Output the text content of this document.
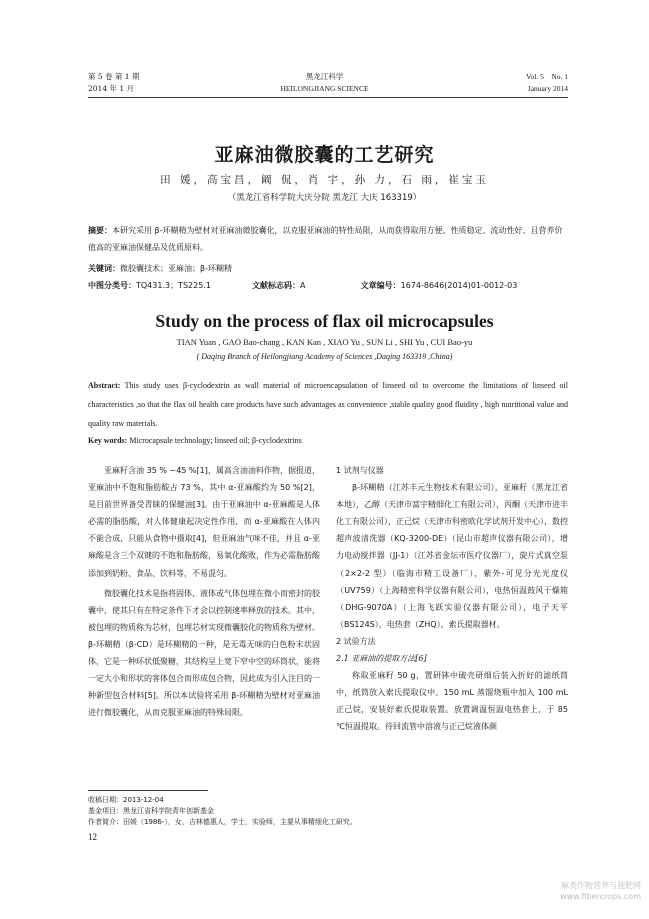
第 5 卷 第 1 期
2014 年 1 月
黑龙江科学
HEILONGJIANG SCIENCE
Vol. 5    No. 1
January 2014
亚麻油微胶囊的工艺研究
田 媛，高宝昌，阚 侃，肖 宇，孙 力，石 雨，崔宝玉
（黑龙江省科学院大庆分院 黑龙江 大庆 163319）
摘要：本研究采用 β-环糊精为壁材对亚麻油微胶囊化，以克服亚麻油的特性局限，从而获得取用方便、性质稳定、流动性好、且营养价值高的亚麻油保健品及优质原料。
关键词：微胶囊技术；亚麻油；β-环糊精
中图分类号：TQ431.3；TS225.1	文献标志码：A	文章编号：1674-8646(2014)01-0012-03
Study on the process of flax oil microcapsules
TIAN Yuan , GAO Bao-chang , KAN Kan , XIAO Yu , SUN Li , SHI Yu , CUI Bao-yu
( Daqing Branch of Heilongjiang Academy of Sciences ,Daqing 163319 ,China)
Abstract: This study uses β-cyclodextrin as wall material of microencapsulation of linseed oil to overcome the limitations of linseed oil characteristics ,so that the flax oil health care products have such advantages as convenience ,stable quality good fluidity , high nutritional value and quality raw materials.
Key words: Microcapsule technology; linseed oil; β-cyclodextrins

亚麻籽含油 35 % ~45 %[1]，属高含油油料作物，据报道，亚麻油中不饱和脂肪酸占 73 %，其中 α-亚麻酸约为 50 %[2]，是目前世界备受青睐的保健油[3]。由于亚麻油中 α-亚麻酸是人体必需的脂肪酸，对人体健康起决定性作用，而 α-亚麻酸在人体内不能合成，只能从食物中摄取[4]，但亚麻油气味不佳，并且 α-亚麻酸是含三个双键的不饱和脂肪酸，易氧化酸败，作为必需脂肪酸添加到奶粉、食品、饮料等，不易混匀。

微胶囊化技术是指将固体、液体或气体包埋在微小而密封的胶囊中，使其只有在特定条件下才会以控制速率释放的技术。其中，被包埋的物质称为芯材，包埋芯材实现微囊胶化的物质称为壁材。β-环糊精（β-CD）是环糊精的一种，是无毒无味的白色粉末状固体，它是一种环状低聚糖，其结构呈上宽下窄中空的环筒状，能将一定大小和形状的客体包合而形成包合物，因此成为引入注目的一种新型包合材料[5]。所以本试验将采用 β-环糊精为壁材对亚麻油进行微胶囊化，从而克服亚麻油的特殊局限。

1 试剂与仪器

β-环糊精（江苏丰元生物技术有限公司），亚麻籽（黑龙江省本地），乙醇（天津市富宇精细化工有限公司），丙酮（天津市进丰化工有限公司），正己烷（天津市科密欧化学试剂开发中心），数控超声波清洗器（KQ-3200-DE）（昆山市超声仪器有限公司），增力电动搅拌器（JJ-1）（江苏省金坛市医疗仪器厂），旋片式真空泵（2×2-2 型）（临海市精工设备厂），紫外-可见分光光度仪（UV759）（上海精密科学仪器有限公司），电热恒温鼓风干燥箱（DHG-9070A）（上海飞跃实验仪器有限公司），电子天平（BS124S），电热套（ZHQ），索氏提取器材。

2 试验方法
2.1 亚麻油的提取方法[6]

称取亚麻籽 50 g，置研钵中破壳研细后装入折好的滤纸筒中，纸筒放入索氏提取仪中。150 mL 蒸馏烧瓶中加入 100 mL 正己烷，安装好索氏提取装置。放置调温恒温电热套上，于 85 ℃恒温提取。待回流管中溶液与正己烷液体颜

收稿日期：2013-12-04
基金项目：黑龙江省科学院青年创新基金
作者简介：田媛（1986-），女，吉林德惠人，学士，实验师，主要从事精细化工研究。
12
麻类作物营养与施肥网
www.fibercrops.com
